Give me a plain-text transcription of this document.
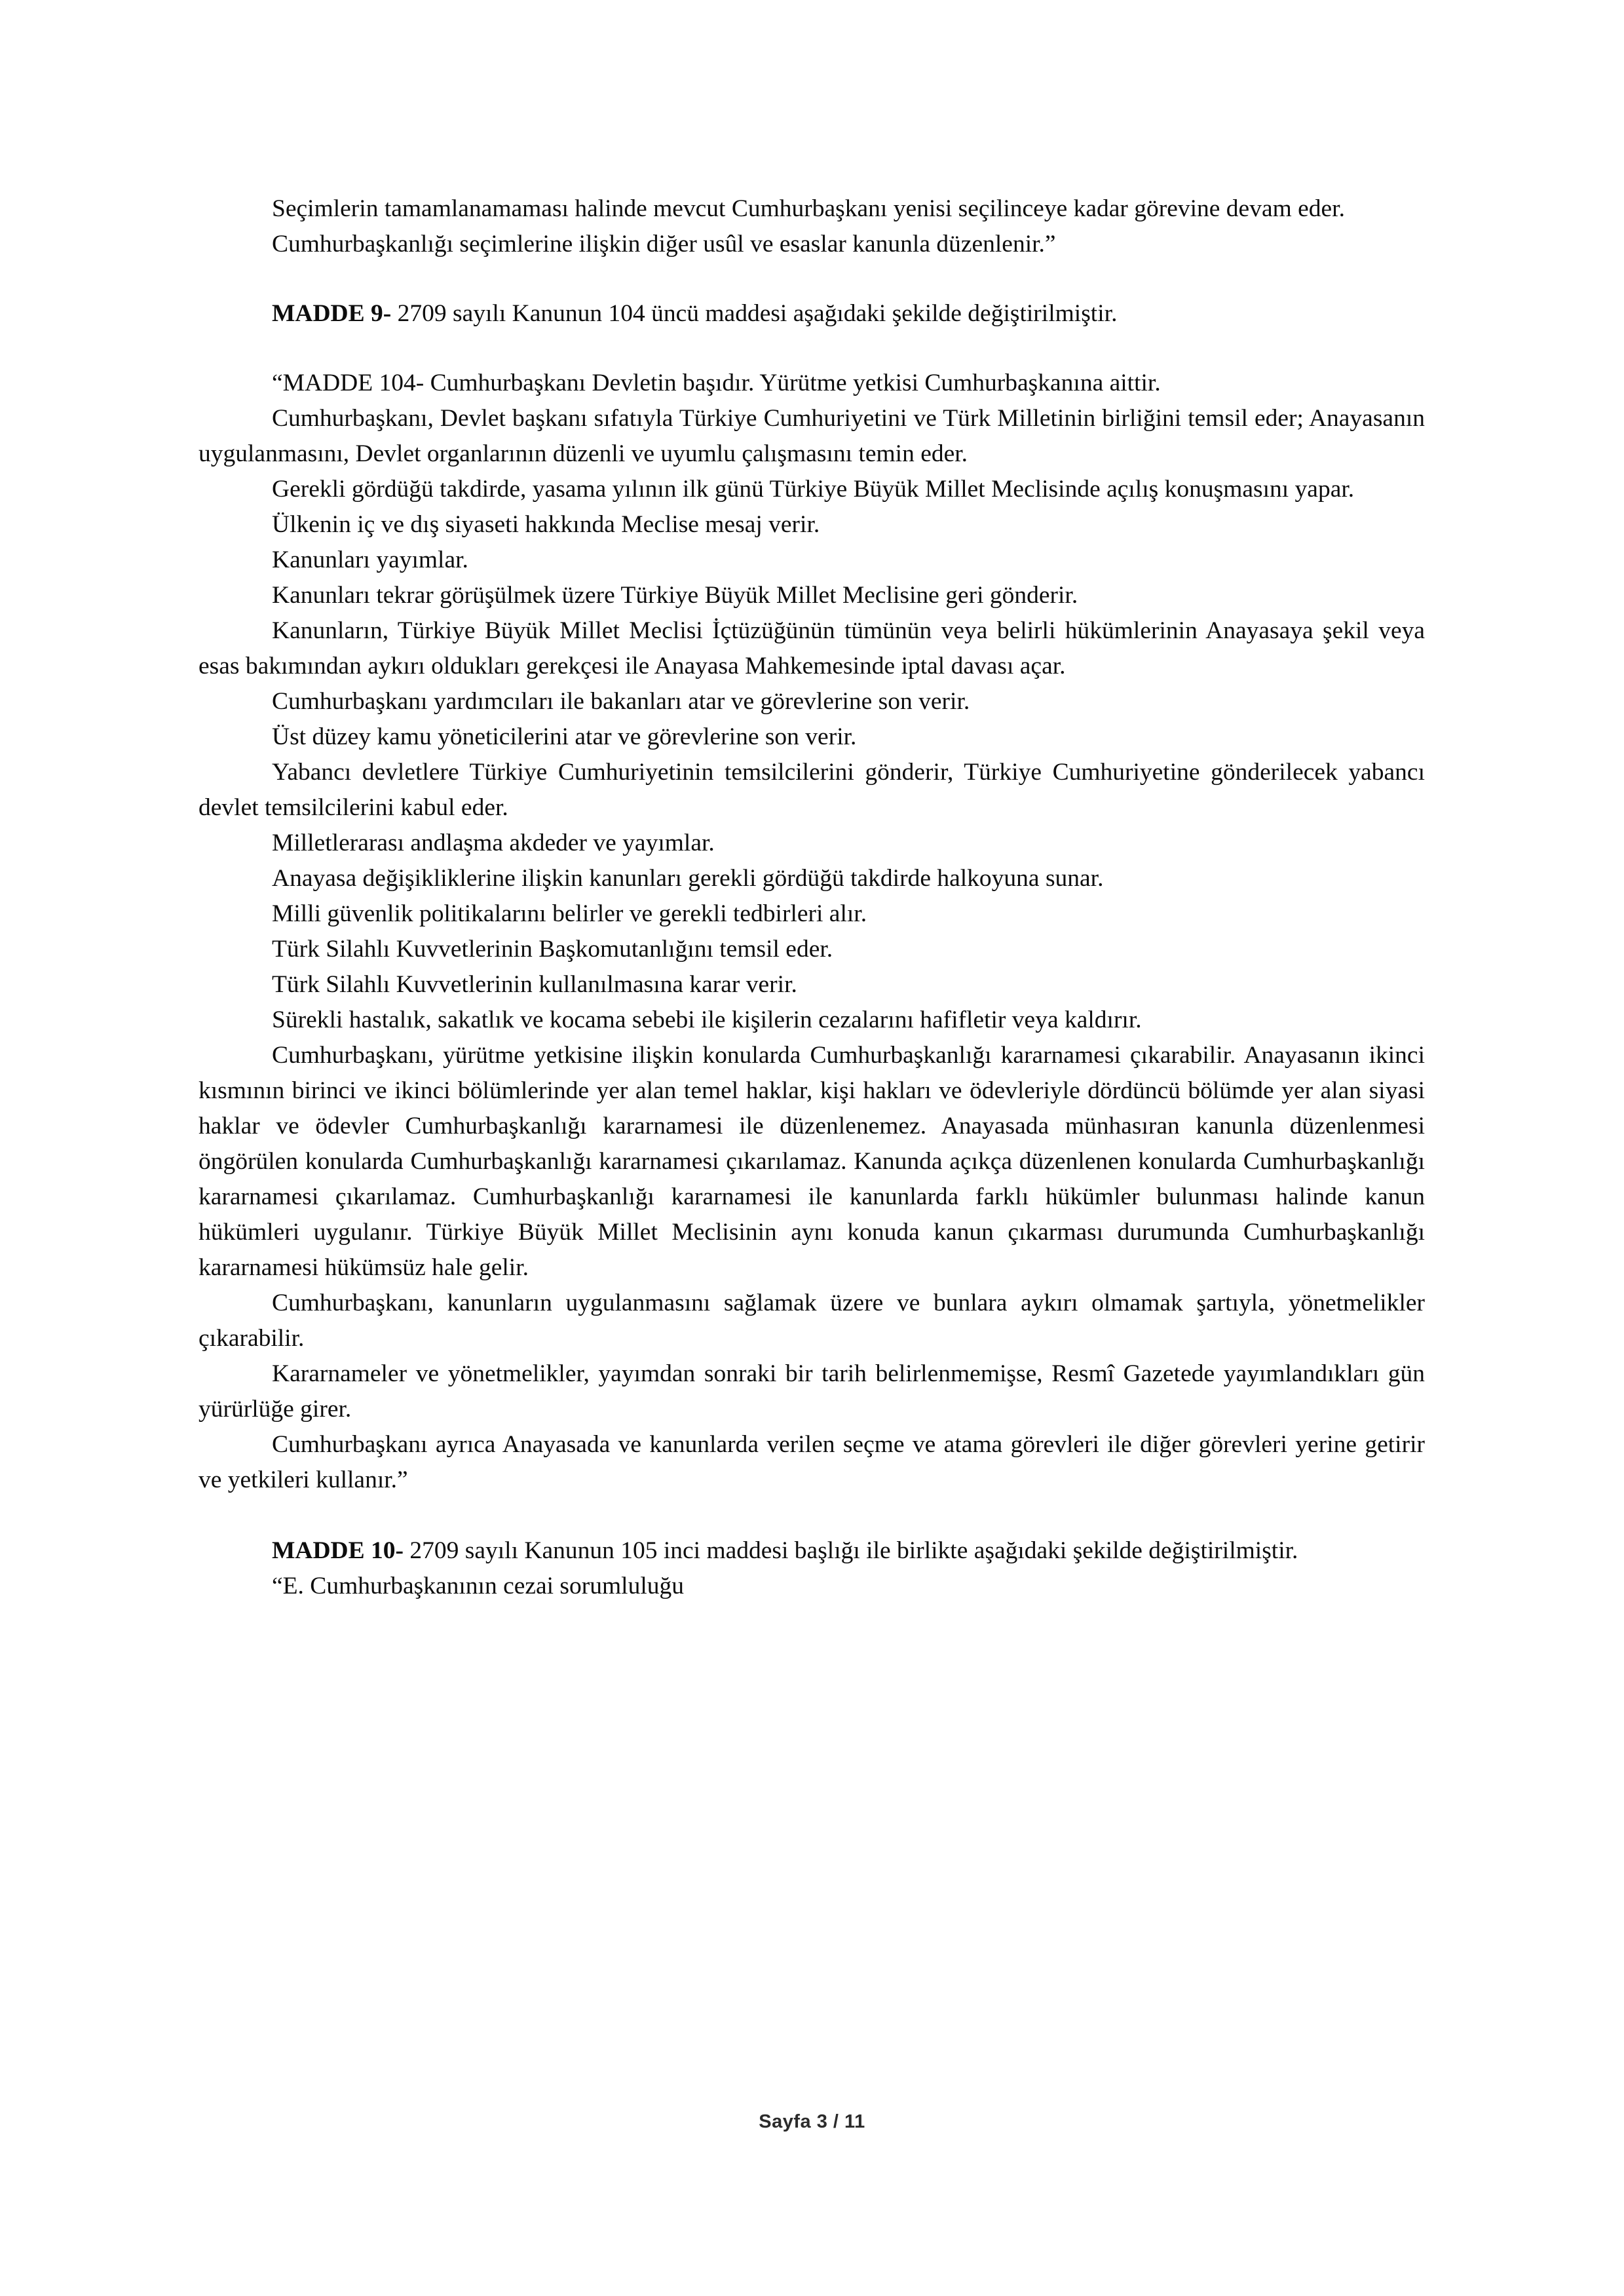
Seçimlerin tamamlanamaması halinde mevcut Cumhurbaşkanı yenisi seçilinceye kadar görevine devam eder.

Cumhurbaşkanlığı seçimlerine ilişkin diğer usûl ve esaslar kanunla düzenlenir.”

MADDE 9- 2709 sayılı Kanunun 104 üncü maddesi aşağıdaki şekilde değiştirilmiştir.

“MADDE 104- Cumhurbaşkanı Devletin başıdır. Yürütme yetkisi Cumhurbaşkanına aittir.

Cumhurbaşkanı, Devlet başkanı sıfatıyla Türkiye Cumhuriyetini ve Türk Milletinin birliğini temsil eder; Anayasanın uygulanmasını, Devlet organlarının düzenli ve uyumlu çalışmasını temin eder.

Gerekli gördüğü takdirde, yasama yılının ilk günü Türkiye Büyük Millet Meclisinde açılış konuşmasını yapar.

Ülkenin iç ve dış siyaseti hakkında Meclise mesaj verir.

Kanunları yayımlar.

Kanunları tekrar görüşülmek üzere Türkiye Büyük Millet Meclisine geri gönderir.

Kanunların, Türkiye Büyük Millet Meclisi İçtüzüğünün tümünün veya belirli hükümlerinin Anayasaya şekil veya esas bakımından aykırı oldukları gerekçesi ile Anayasa Mahkemesinde iptal davası açar.

Cumhurbaşkanı yardımcıları ile bakanları atar ve görevlerine son verir.

Üst düzey kamu yöneticilerini atar ve görevlerine son verir.

Yabancı devletlere Türkiye Cumhuriyetinin temsilcilerini gönderir, Türkiye Cumhuriyetine gönderilecek yabancı devlet temsilcilerini kabul eder.

Milletlerarası andlaşma akdeder ve yayımlar.

Anayasa değişikliklerine ilişkin kanunları gerekli gördüğü takdirde halkoyuna sunar.

Milli güvenlik politikalarını belirler ve gerekli tedbirleri alır.

Türk Silahlı Kuvvetlerinin Başkomutanlığını temsil eder.

Türk Silahlı Kuvvetlerinin kullanılmasına karar verir.

Sürekli hastalık, sakatlık ve kocama sebebi ile kişilerin cezalarını hafifletir veya kaldırır.

Cumhurbaşkanı, yürütme yetkisine ilişkin konularda Cumhurbaşkanlığı kararnamesi çıkarabilir. Anayasanın ikinci kısmının birinci ve ikinci bölümlerinde yer alan temel haklar, kişi hakları ve ödevleriyle dördüncü bölümde yer alan siyasi haklar ve ödevler Cumhurbaşkanlığı kararnamesi ile düzenlenemez. Anayasada münhasıran kanunla düzenlenmesi öngörülen konularda Cumhurbaşkanlığı kararnamesi çıkarılamaz. Kanunda açıkça düzenlenen konularda Cumhurbaşkanlığı kararnamesi çıkarılamaz. Cumhurbaşkanlığı kararnamesi ile kanunlarda farklı hükümler bulunması halinde kanun hükümleri uygulanır. Türkiye Büyük Millet Meclisinin aynı konuda kanun çıkarması durumunda Cumhurbaşkanlığı kararnamesi hükümsüz hale gelir.

Cumhurbaşkanı, kanunların uygulanmasını sağlamak üzere ve bunlara aykırı olmamak şartıyla, yönetmelikler çıkarabilir.

Kararnameler ve yönetmelikler, yayımdan sonraki bir tarih belirlenmemişse, Resmî Gazetede yayımlandıkları gün yürürlüğe girer.

Cumhurbaşkanı ayrıca Anayasada ve kanunlarda verilen seçme ve atama görevleri ile diğer görevleri yerine getirir ve yetkileri kullanır.”

MADDE 10- 2709 sayılı Kanunun 105 inci maddesi başlığı ile birlikte aşağıdaki şekilde değiştirilmiştir.

“E. Cumhurbaşkanının cezai sorumluluğu

Sayfa 3 / 11
